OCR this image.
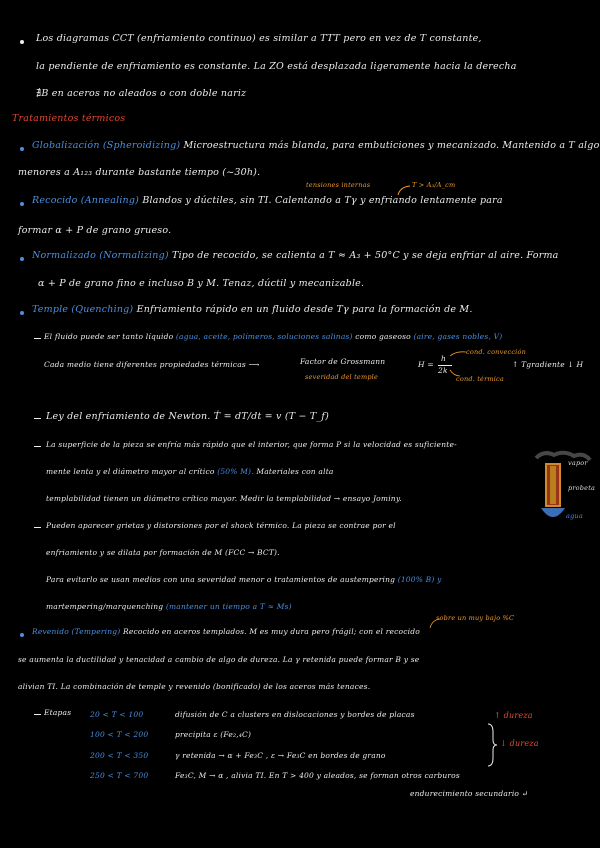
Los diagramas CCT (enfriamiento continuo) es similar a TTT pero en vez de T constante,
la pendiente de enfriamiento es constante. La ZO está desplazada ligeramente hacia la derecha
∄B en aceros no aleados o con doble nariz
Tratamientos térmicos
Globalización (Spheroidizing) Microestructura más blanda, para embuticiones y mecanizado. Mantenido a T algo
menores a A₁₂₃ durante bastante tiempo (~30h).
tensiones internas	T > A₃/A_cm
Recocido (Annealing) Blandos y dúctiles, sin TI. Calentando a Tγ y enfriando lentamente para
formar α + P de grano grueso.
Normalizado (Normalizing) Tipo de recocido, se calienta a T ≈ A₃ + 50°C y se deja enfriar al aire. Forma
α + P de grano fino e incluso B y M. Tenaz, dúctil y mecanizable.
Temple (Quenching) Enfriamiento rápido en un fluido desde Tγ para la formación de M.
El fluido puede ser tanto líquido (agua, aceite, polímeros, soluciones salinas) como gaseoso (aire, gases nobles, V)
cond. convección
Cada medio tiene diferentes propiedades térmicas ⟶	Factor de Grossmann
severidad del temple
H =
h
2k
cond. térmica
↑ Tgradiente ↓ H
Ley del enfriamiento de Newton. Ṫ = dT/dt = v (T − T_f)
La superficie de la pieza se enfría más rápido que el interior, que forma P si la velocidad es suficiente-
mente lenta y el diámetro mayor al crítico (50% M). Materiales con alta
templabilidad tienen un diámetro crítico mayor. Medir la templabilidad → ensayo Jominy.
vapor
probeta
agua
Pueden aparecer grietas y distorsiones por el shock térmico. La pieza se contrae por el
enfriamiento y se dilata por formación de M (FCC → BCT).
Para evitarlo se usan medios con una severidad menor o tratamientos de austempering (100% B) y
martempering/marquenching (mantener un tiempo a T ≈ Ms)
sobre un muy bajo %C
Revenido (Tempering) Recocido en aceros templados. M es muy dura pero frágil; con el recocido
se aumenta la ductilidad y tenacidad a cambio de algo de dureza. La γ retenida puede formar B y se
alivian TI. La combinación de temple y revenido (bonificado) de los aceros más tenaces.
Etapas 20 < T < 100	difusión de C a clusters en dislocaciones y bordes de placas	↑ dureza
100 < T < 200	precipita ε (Fe₂,₄C)
200 < T < 350	γ retenida → α + Fe₃C , ε → Fe₃C en bordes de grano
↓ dureza
250 < T < 700	Fe₃C, M → α , alivia TI. En T > 400 y aleados, se forman otros carburos
endurecimiento secundario ↵
